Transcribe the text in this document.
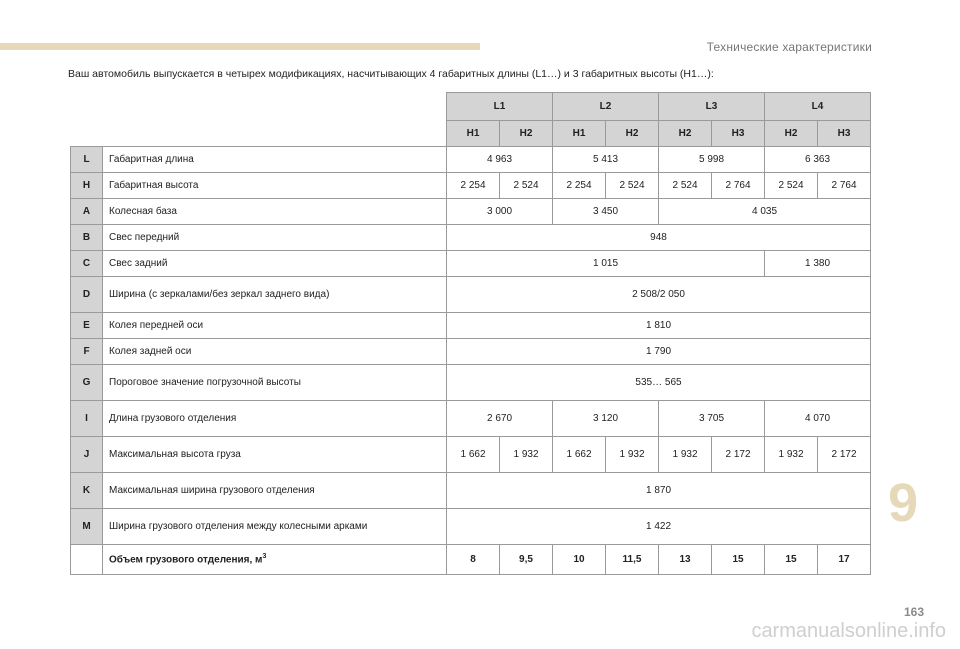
Технические характеристики
Ваш автомобиль выпускается в четырех модификациях, насчитывающих 4 габаритных длины (L1…) и 3 габаритных высоты (H1…):
		L1		L2		L3		L4	
		H1	H2	H1	H2	H2	H3	H2	H3
L	Габаритная длина	4 963		5 413		5 998		6 363	
H	Габаритная высота	2 254	2 524	2 254	2 524	2 524	2 764	2 524	2 764
A	Колесная база	3 000		3 450		4 035			
B	Свес передний	948							
C	Свес задний	1 015						1 380	
D	Ширина (с зеркалами/без зеркал заднего вида)	2 508/2 050							
E	Колея передней оси	1 810							
F	Колея задней оси	1 790							
G	Пороговое значение погрузочной высоты	535… 565							
I	Длина грузового отделения	2 670		3 120		3 705		4 070	
J	Максимальная высота груза	1 662	1 932	1 662	1 932	1 932	2 172	1 932	2 172
K	Максимальная ширина грузового отделения	1 870							
M	Ширина грузового отделения между колесными арками	1 422							
	Объем грузового отделения, $м^3$	8	9,5	10	11,5	13	15	15	17
9
163
carmanualsonline.info
